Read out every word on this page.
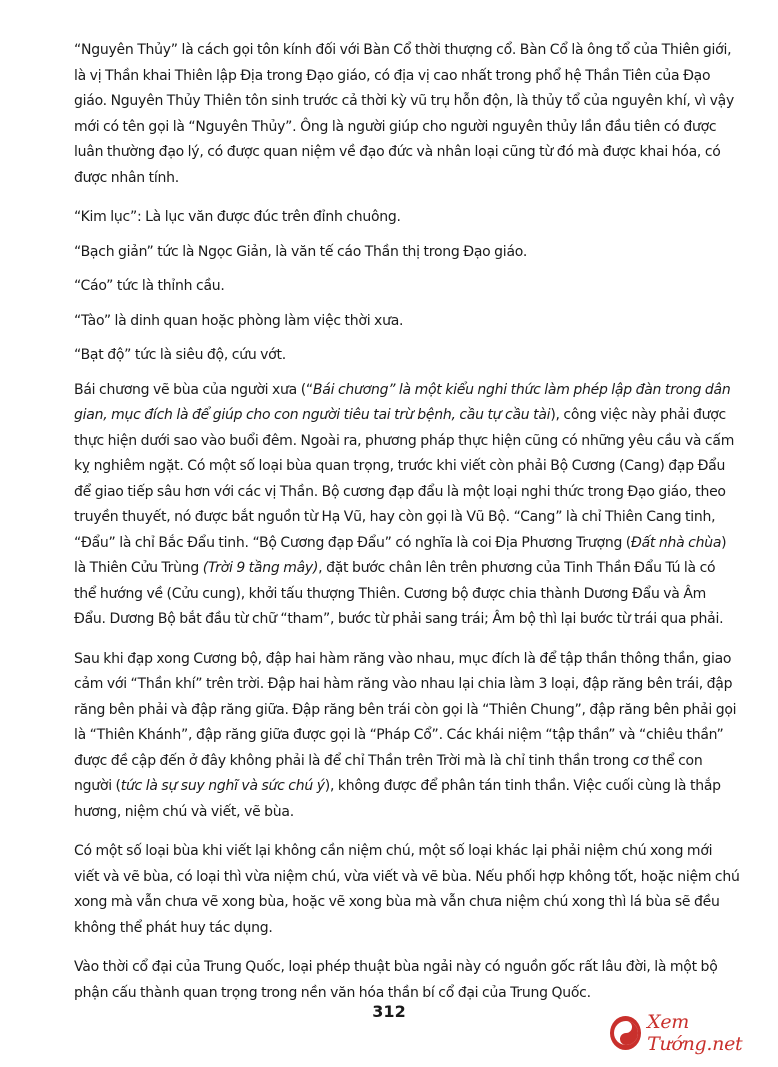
“Nguyên Thủy” là cách gọi tôn kính đối với Bàn Cổ thời thượng cổ. Bàn Cổ là ông tổ của Thiên giới, là vị Thần khai Thiên lập Địa trong Đạo giáo, có địa vị cao nhất trong phổ hệ Thần Tiên của Đạo giáo. Nguyên Thủy Thiên tôn sinh trước cả thời kỳ vũ trụ hỗn độn, là thủy tổ của nguyên khí, vì vậy mới có tên gọi là “Nguyên Thủy”. Ông là người giúp cho người nguyên thủy lần đầu tiên có được luân thường đạo lý, có được quan niệm về đạo đức và nhân loại cũng từ đó mà được khai hóa, có được nhân tính.

“Kim lục”: Là lục văn được đúc trên đỉnh chuông.

“Bạch giản” tức là Ngọc Giản, là văn tế cáo Thần thị trong Đạo giáo.

“Cáo” tức là thỉnh cầu.

“Tào” là dinh quan hoặc phòng làm việc thời xưa.

“Bạt độ” tức là siêu độ, cứu vớt.

Bái chương vẽ bùa của người xưa (“Bái chương” là một kiểu nghi thức làm phép lập đàn trong dân gian, mục đích là để giúp cho con người tiêu tai trừ bệnh, cầu tự cầu tài), công việc này phải được thực hiện dưới sao vào buổi đêm. Ngoài ra, phương pháp thực hiện cũng có những yêu cầu và cấm kỵ nghiêm ngặt. Có một số loại bùa quan trọng, trước khi viết còn phải Bộ Cương (Cang) đạp Đẩu để giao tiếp sâu hơn với các vị Thần. Bộ cương đạp đẩu là một loại nghi thức trong Đạo giáo, theo truyền thuyết, nó được bắt nguồn từ Hạ Vũ, hay còn gọi là Vũ Bộ. “Cang” là chỉ Thiên Cang tinh, “Đẩu” là chỉ Bắc Đẩu tinh. “Bộ Cương đạp Đẩu” có nghĩa là coi Địa Phương Trượng (Đất nhà chùa) là Thiên Cửu Trùng (Trời 9 tầng mây), đặt bước chân lên trên phương của Tinh Thần Đẩu Tú là có thể hướng về (Cửu cung), khởi tấu thượng Thiên. Cương bộ được chia thành Dương Đẩu và Âm Đẩu. Dương Bộ bắt đầu từ chữ “tham”, bước từ phải sang trái; Âm bộ thì lại bước từ trái qua phải.

Sau khi đạp xong Cương bộ, đập hai hàm răng vào nhau, mục đích là để tập thần thông thần, giao cảm với “Thần khí” trên trời. Đập hai hàm răng vào nhau lại chia làm 3 loại, đập răng bên trái, đập răng bên phải và đập răng giữa. Đập răng bên trái còn gọi là “Thiên Chung”, đập răng bên phải gọi là “Thiên Khánh”, đập răng giữa được gọi là “Pháp Cổ”. Các khái niệm “tập thần” và “chiêu thần” được đề cập đến ở đây không phải là để chỉ Thần trên Trời mà là chỉ tinh thần trong cơ thể con người (tức là sự suy nghĩ và sức chú ý), không được để phân tán tinh thần. Việc cuối cùng là thắp hương, niệm chú và viết, vẽ bùa.

Có một số loại bùa khi viết lại không cần niệm chú, một số loại khác lại phải niệm chú xong mới viết và vẽ bùa, có loại thì vừa niệm chú, vừa viết và vẽ bùa. Nếu phối hợp không tốt, hoặc niệm chú xong mà vẫn chưa vẽ xong bùa, hoặc vẽ xong bùa mà vẫn chưa niệm chú xong thì lá bùa sẽ đều không thể phát huy tác dụng.

Vào thời cổ đại của Trung Quốc, loại phép thuật bùa ngải này có nguồn gốc rất lâu đời, là một bộ phận cấu thành quan trọng trong nền văn hóa thần bí cổ đại của Trung Quốc.

312	Xem Tướng.net
